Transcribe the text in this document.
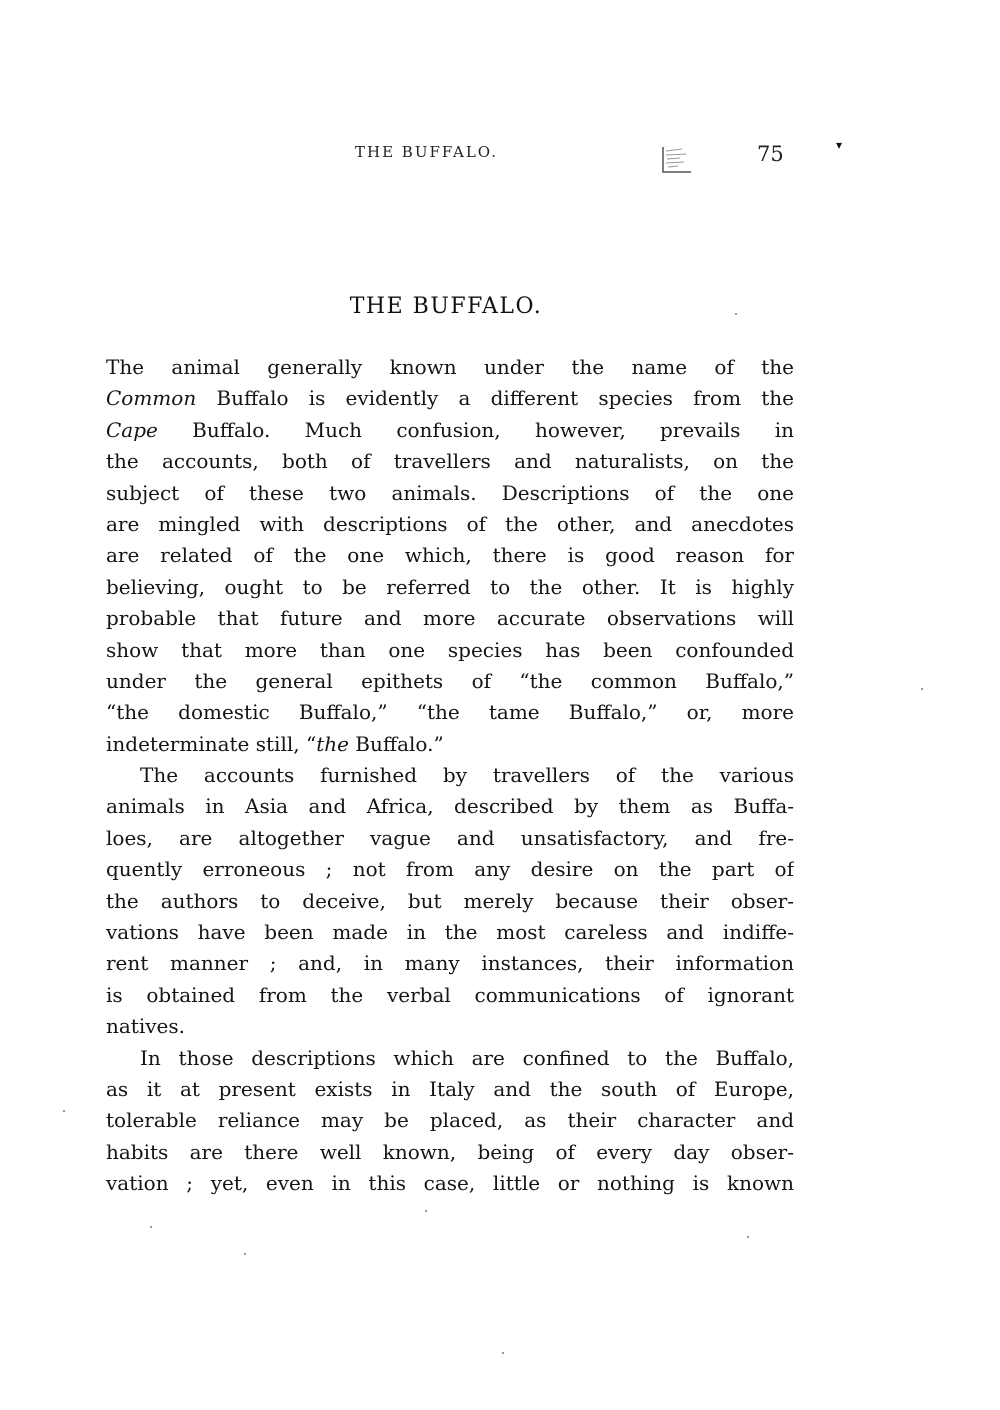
THE BUFFALO.	75	▾
THE BUFFALO.
The animal generally known under the name of the
Common Buffalo is evidently a different species from the
Cape Buffalo. Much confusion, however, prevails in
the accounts, both of travellers and naturalists, on the
subject of these two animals. Descriptions of the one
are mingled with descriptions of the other, and anecdotes
are related of the one which, there is good reason for
believing, ought to be referred to the other. It is highly
probable that future and more accurate observations will
show that more than one species has been confounded
under the general epithets of “the common Buffalo,”
“the domestic Buffalo,” “the tame Buffalo,” or, more
indeterminate still, “the Buffalo.”
The accounts furnished by travellers of the various
animals in Asia and Africa, described by them as Buffa-
loes, are altogether vague and unsatisfactory, and fre-
quently erroneous ; not from any desire on the part of
the authors to deceive, but merely because their obser-
vations have been made in the most careless and indiffe-
rent manner ; and, in many instances, their information
is obtained from the verbal communications of ignorant
natives.
In those descriptions which are confined to the Buffalo,
as it at present exists in Italy and the south of Europe,
tolerable reliance may be placed, as their character and
habits are there well known, being of every day obser-
vation ; yet, even in this case, little or nothing is known
